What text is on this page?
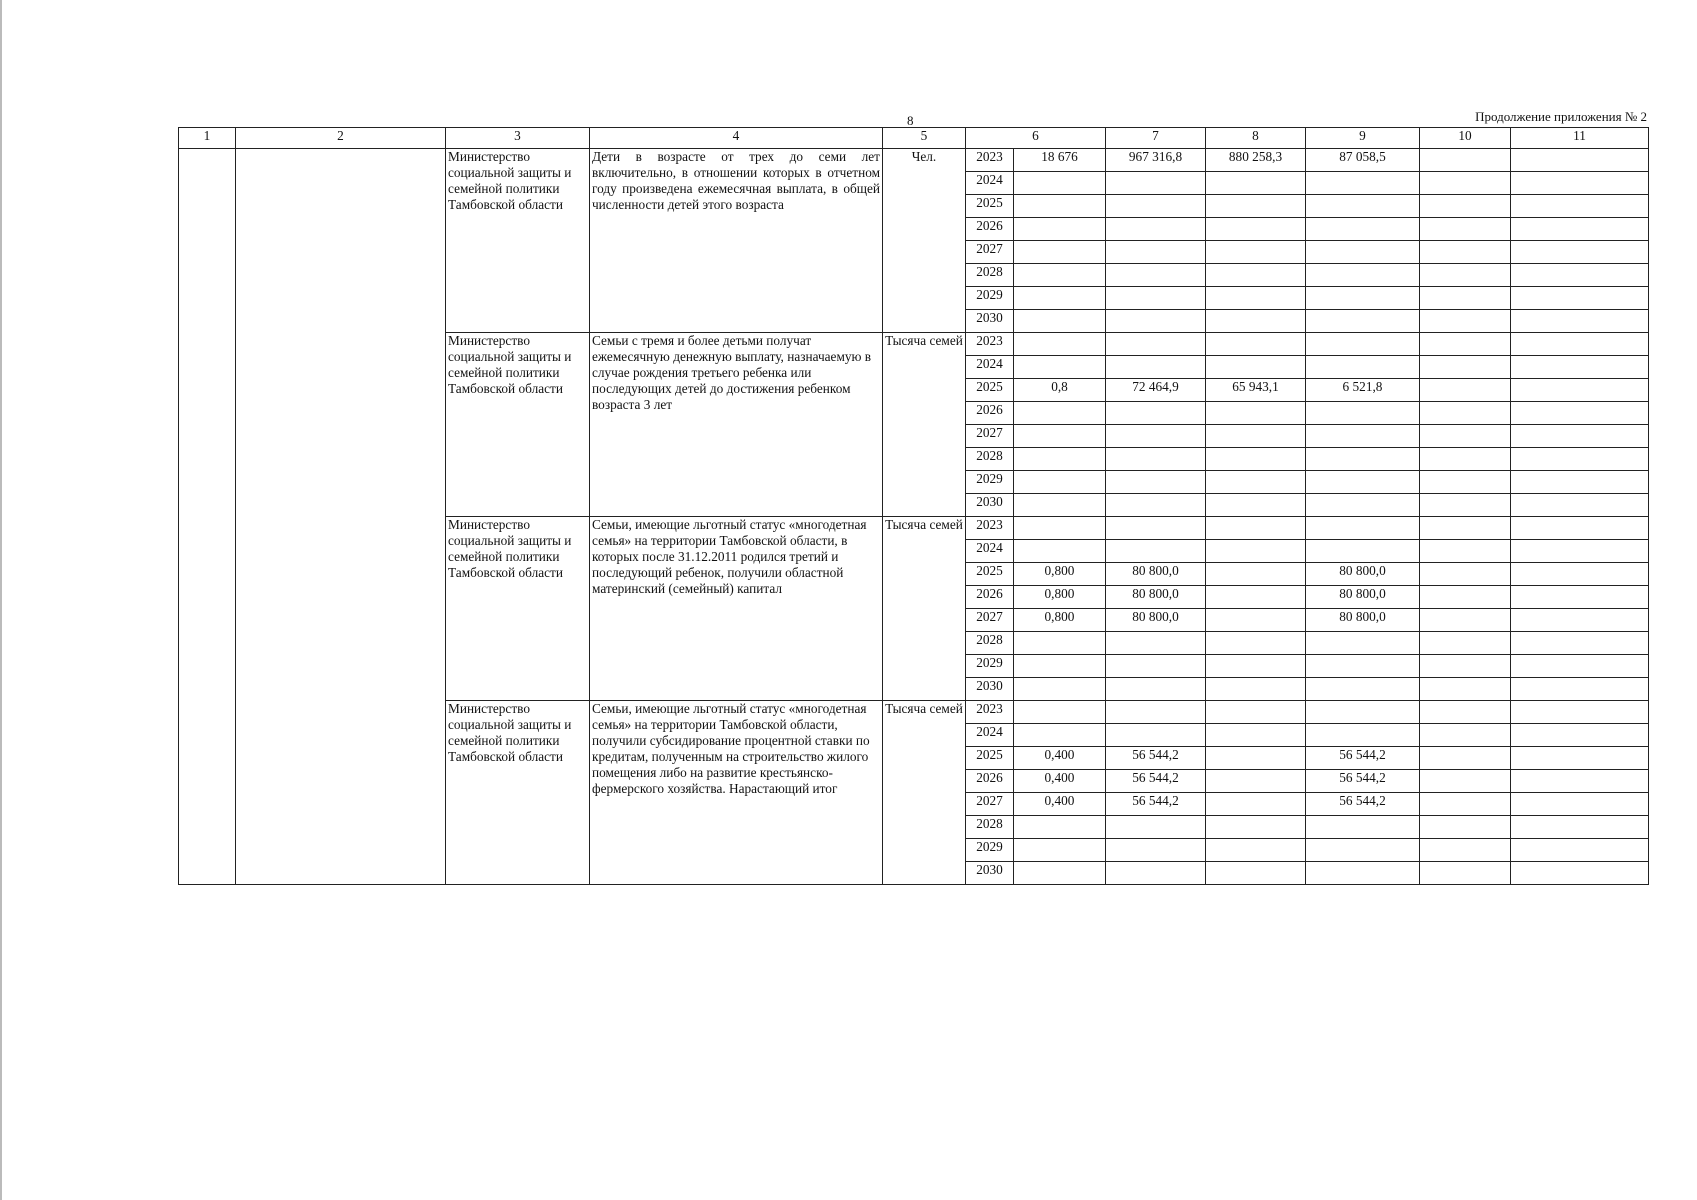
8	Продолжение приложения № 2
1	2	3	4	5	6		7	8	9	10	11
		Министерство социальной защиты и семейной политики Тамбовской области	Дети в возрасте от трех до семи лет включительно, в отношении которых в отчетном году произведена ежемесячная выплата, в общей численности детей этого возраста	Чел.	2023	18 676	967 316,8	880 258,3	87 058,5		
					2024						
					2025						
					2026						
					2027						
					2028						
					2029						
					2030						
		Министерство социальной защиты и семейной политики Тамбовской области	Семьи с тремя и более детьми получат ежемесячную денежную выплату, назначаемую в случае рождения третьего ребенка или последующих детей до достижения ребенком возраста 3 лет	Тысяча семей	2023						
					2024						
					2025	0,8	72 464,9	65 943,1	6 521,8		
					2026						
					2027						
					2028						
					2029						
					2030						
		Министерство социальной защиты и семейной политики Тамбовской области	Семьи, имеющие льготный статус «многодетная семья» на территории Тамбовской области, в которых после 31.12.2011 родился третий и последующий ребенок, получили областной материнский (семейный) капитал	Тысяча семей	2023						
					2024						
					2025	0,800	80 800,0		80 800,0		
					2026	0,800	80 800,0		80 800,0		
					2027	0,800	80 800,0		80 800,0		
					2028						
					2029						
					2030						
		Министерство социальной защиты и семейной политики Тамбовской области	Семьи, имеющие льготный статус «многодетная семья» на территории Тамбовской области, получили субсидирование процентной ставки по кредитам, полученным на строительство жилого помещения либо на развитие крестьянско-фермерского хозяйства. Нарастающий итог	Тысяча семей	2023						
					2024						
					2025	0,400	56 544,2		56 544,2		
					2026	0,400	56 544,2		56 544,2		
					2027	0,400	56 544,2		56 544,2		
					2028						
					2029						
					2030						
